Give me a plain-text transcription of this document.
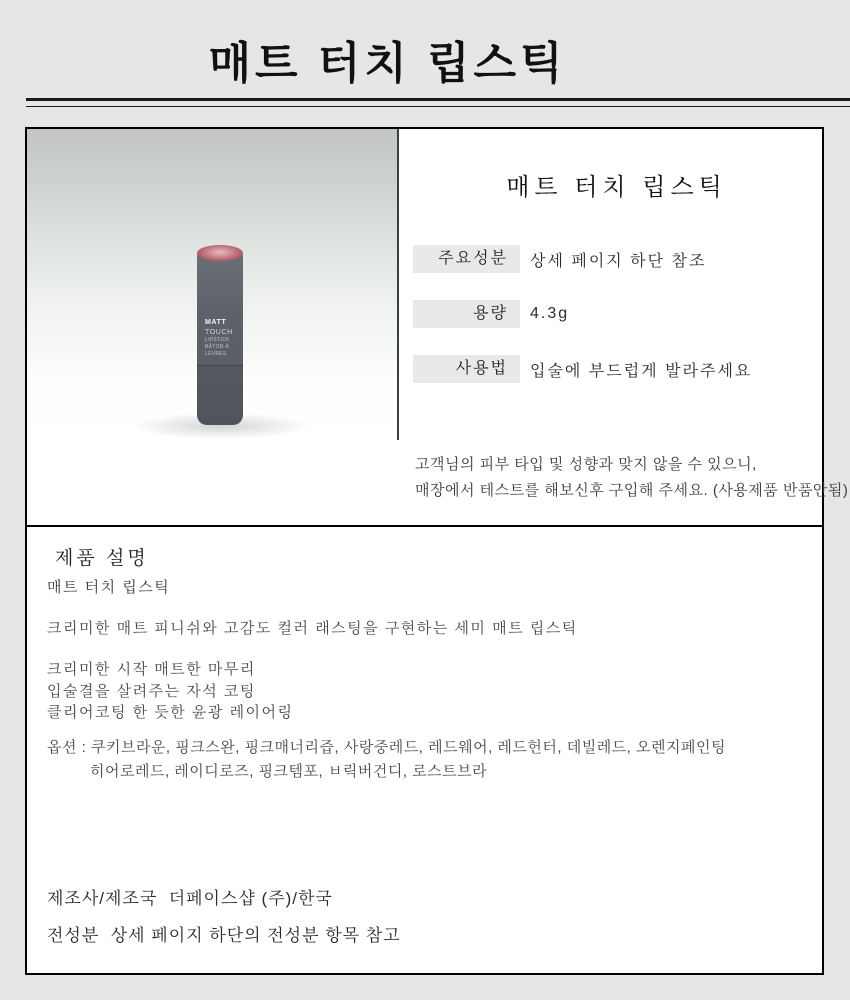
매트 터치 립스틱
MATT
TOUCH
LIPSTICK
BÂTON À
LÈVRES
매트 터치 립스틱
주요성분	상세 페이지 하단 참조
용량	4.3g
사용법	입술에 부드럽게 발라주세요

고객님의 피부 타입 및 성향과 맞지 않을 수 있으니,

매장에서 테스트를 해보신후 구입해 주세요. (사용제품 반품안됨)

제품 설명

매트 터치 립스틱

크리미한 매트 피니쉬와 고감도 컬러 래스팅을 구현하는 세미 매트 립스틱

크리미한 시작 매트한 마무리

입술결을 살려주는 자석 코팅

클리어코팅 한 듯한 윤광 레이어링

옵션 : 쿠키브라운, 핑크스완, 핑크매너리즙, 사랑중레드, 레드웨어, 레드헌터, 데빌레드, 오렌지페인팅

히어로레드, 레이디로즈, 핑크템포, ㅂ릭버건디, 로스트브라

제조사/제조국  더페이스샵 (주)/한국

전성분  상세 페이지 하단의 전성분 항목 참고
